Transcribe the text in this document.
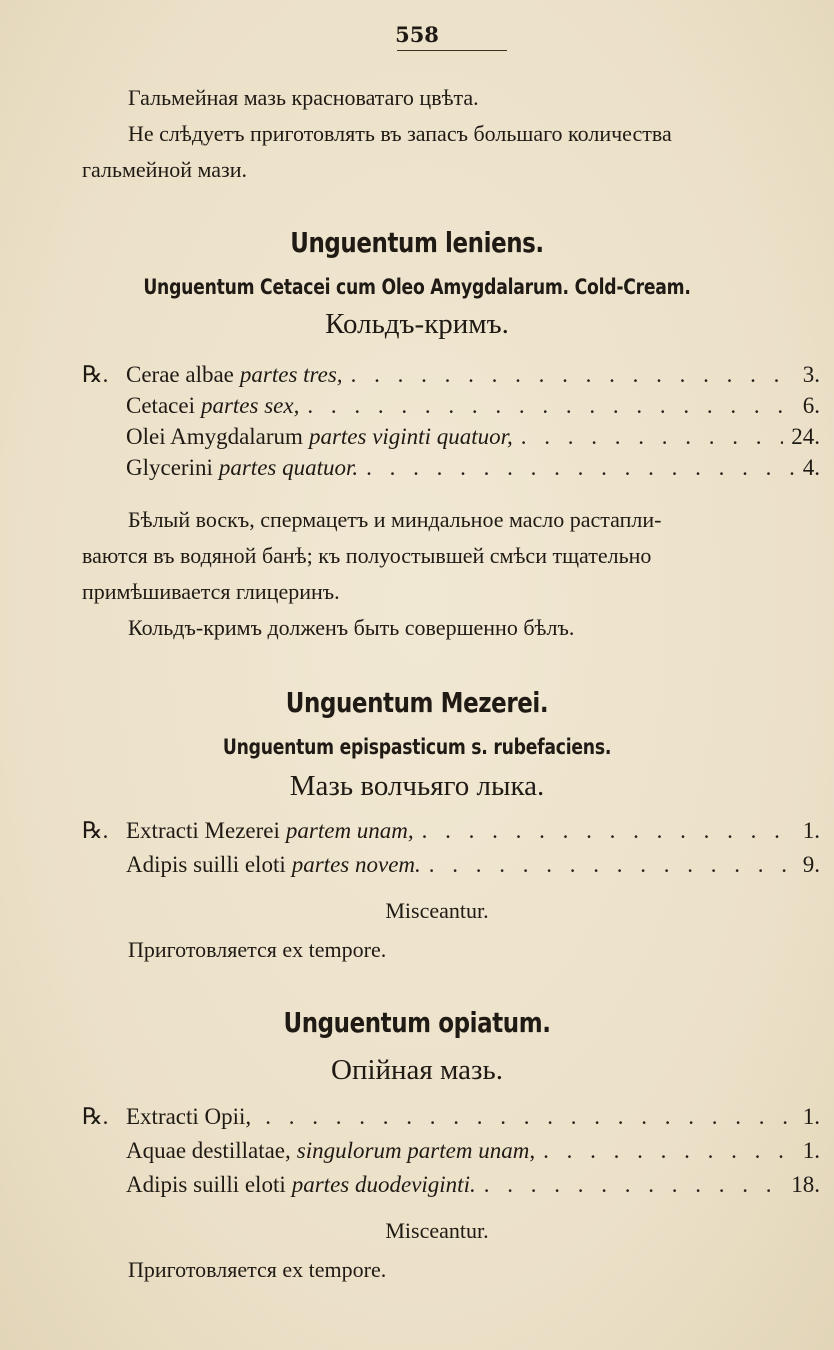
558
Гальмейная мазь красноватаго цвѣта.
Не слѣдуетъ приготовлять въ запасъ большаго количества
гальмейной мази.
Unguentum leniens.
Unguentum Cetacei cum Oleo Amygdalarum. Cold-Cream.
Кольдъ-кримъ.
℞. Cerae albae partes tres, . . .	3.
Cetacei partes sex, . . .	6.
Olei Amygdalarum partes viginti quatuor, . . .	24.
Glycerini partes quatuor. . . .	4.
Бѣлый воскъ, спермацетъ и миндальное масло растапли-
ваются въ водяной банѣ; къ полуостывшей смѣси тщательно
примѣшивается глицеринъ.
Кольдъ-кримъ долженъ быть совершенно бѣлъ.
Unguentum Mezerei.
Unguentum epispasticum s. rubefaciens.
Мазь волчьяго лыка.
℞. Extracti Mezerei partem unam, . . .	1.
Adipis suilli eloti partes novem. . . .	9.
Misceantur.
Приготовляется ex tempore.
Unguentum opiatum.
Опiйная мазь.
℞. Extracti Opii, . . .	1.
Aquae destillatae, singulorum partem unam, . . .	1.
Adipis suilli eloti partes duodeviginti. . . .	18.
Misceantur.
Приготовляется ex tempore.
